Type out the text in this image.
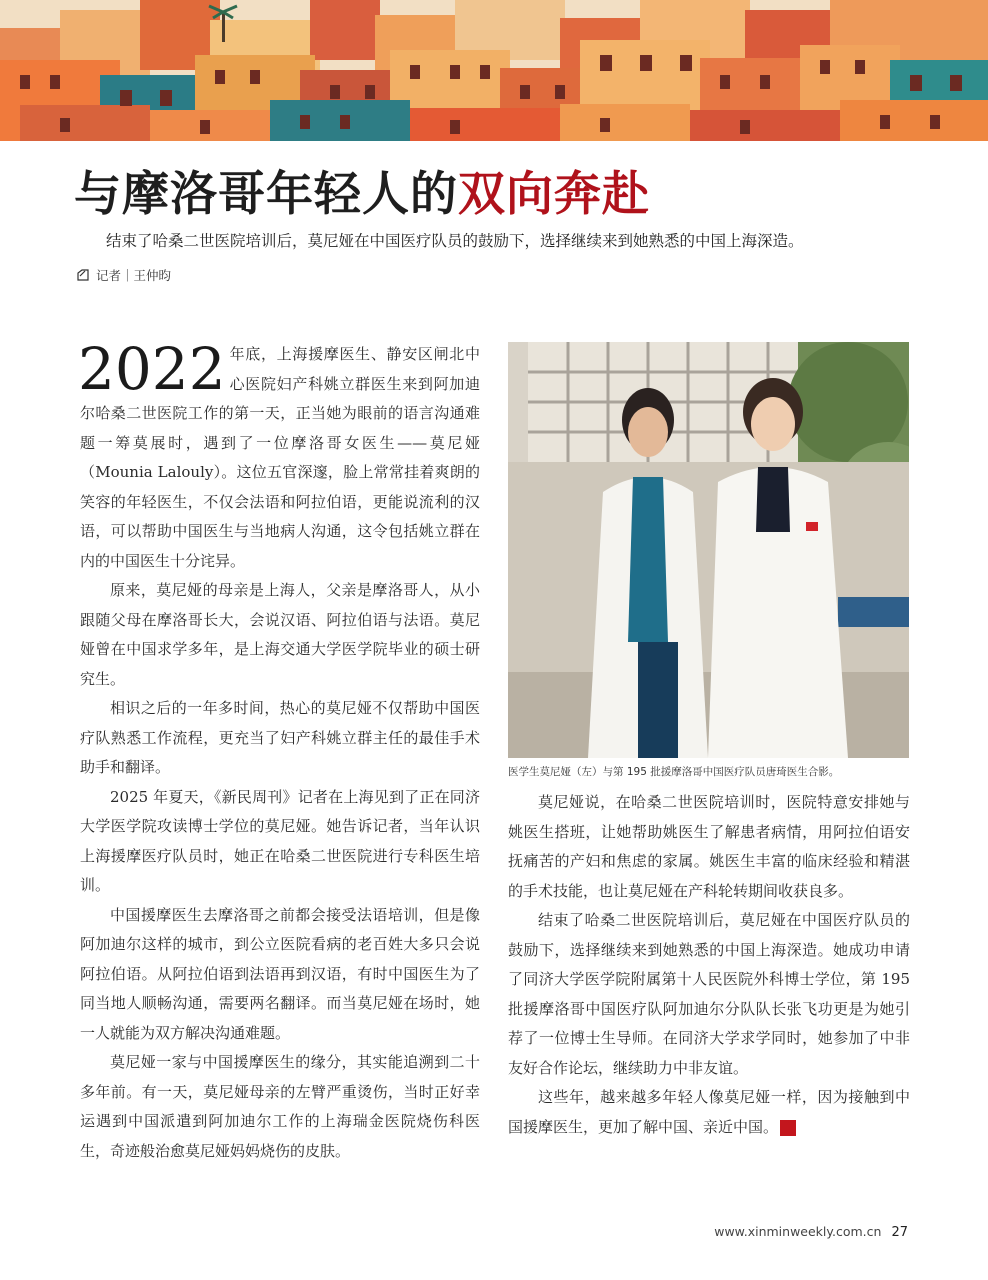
与摩洛哥年轻人的双向奔赴
结束了哈桑二世医院培训后，莫尼娅在中国医疗队员的鼓励下，选择继续来到她熟悉的中国上海深造。
记者｜王仲昀

2022 年底，上海援摩医生、静安区闸北中心医院妇产科姚立群医生来到阿加迪尔哈桑二世医院工作的第一天，正当她为眼前的语言沟通难题一筹莫展时，遇到了一位摩洛哥女医生——莫尼娅（Mounia Lalouly）。这位五官深邃，脸上常常挂着爽朗的笑容的年轻医生，不仅会法语和阿拉伯语，更能说流利的汉语，可以帮助中国医生与当地病人沟通，这令包括姚立群在内的中国医生十分诧异。

原来，莫尼娅的母亲是上海人，父亲是摩洛哥人，从小跟随父母在摩洛哥长大，会说汉语、阿拉伯语与法语。莫尼娅曾在中国求学多年，是上海交通大学医学院毕业的硕士研究生。

相识之后的一年多时间，热心的莫尼娅不仅帮助中国医疗队熟悉工作流程，更充当了妇产科姚立群主任的最佳手术助手和翻译。

2025 年夏天，《新民周刊》记者在上海见到了正在同济大学医学院攻读博士学位的莫尼娅。她告诉记者，当年认识上海援摩医疗队员时，她正在哈桑二世医院进行专科医生培训。

中国援摩医生去摩洛哥之前都会接受法语培训，但是像阿加迪尔这样的城市，到公立医院看病的老百姓大多只会说阿拉伯语。从阿拉伯语到法语再到汉语，有时中国医生为了同当地人顺畅沟通，需要两名翻译。而当莫尼娅在场时，她一人就能为双方解决沟通难题。

莫尼娅一家与中国援摩医生的缘分，其实能追溯到二十多年前。有一天，莫尼娅母亲的左臂严重烫伤，当时正好幸运遇到中国派遣到阿加迪尔工作的上海瑞金医院烧伤科医生，奇迹般治愈莫尼娅妈妈烧伤的皮肤。

医学生莫尼娅（左）与第 195 批援摩洛哥中国医疗队员唐琦医生合影。

莫尼娅说，在哈桑二世医院培训时，医院特意安排她与姚医生搭班，让她帮助姚医生了解患者病情，用阿拉伯语安抚痛苦的产妇和焦虑的家属。姚医生丰富的临床经验和精湛的手术技能，也让莫尼娅在产科轮转期间收获良多。

结束了哈桑二世医院培训后，莫尼娅在中国医疗队员的鼓励下，选择继续来到她熟悉的中国上海深造。她成功申请了同济大学医学院附属第十人民医院外科博士学位，第 195 批援摩洛哥中国医疗队阿加迪尔分队队长张飞功更是为她引荐了一位博士生导师。在同济大学求学同时，她参加了中非友好合作论坛，继续助力中非友谊。

这些年，越来越多年轻人像莫尼娅一样，因为接触到中国援摩医生，更加了解中国、亲近中国。	民

www.xinminweekly.com.cn 27
